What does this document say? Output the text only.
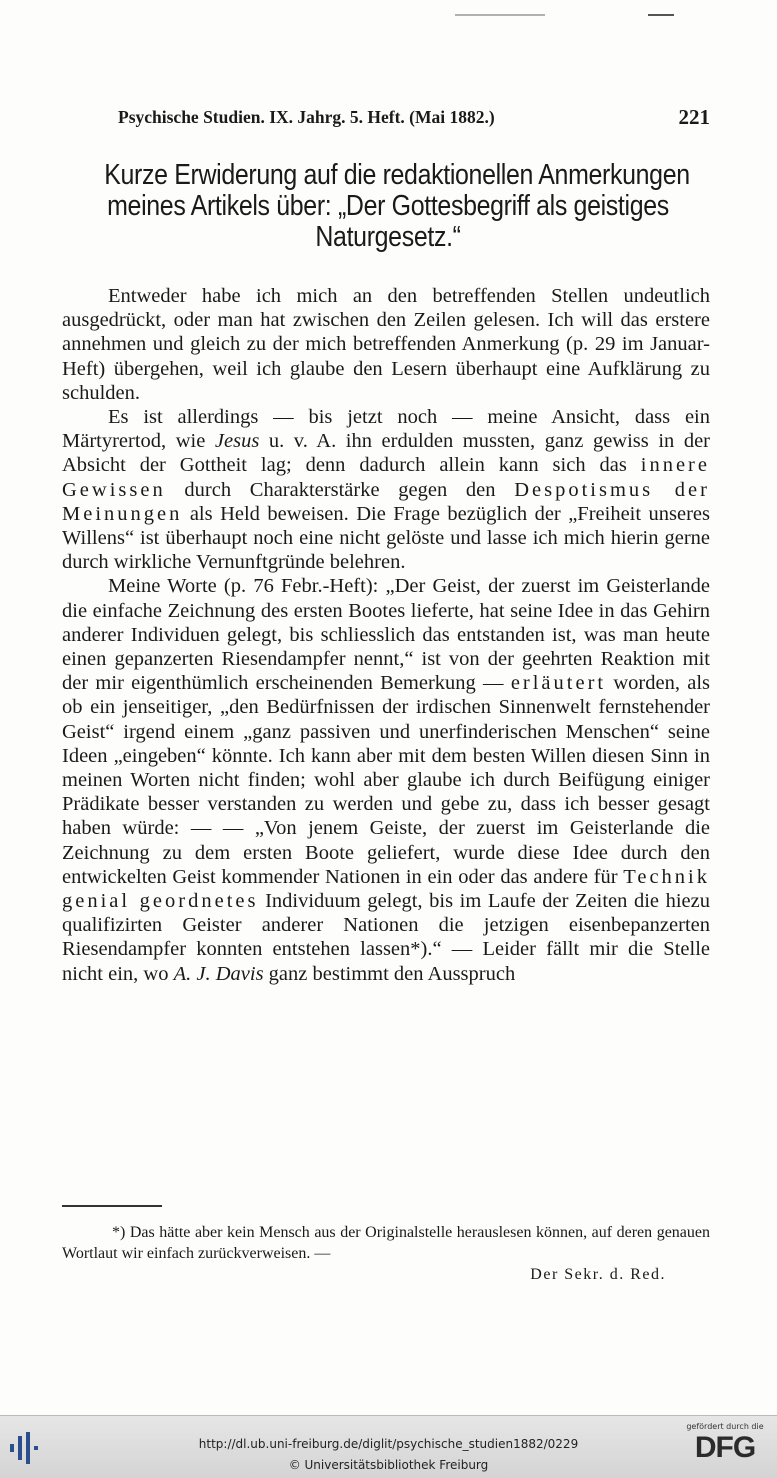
Psychische Studien. IX. Jahrg. 5. Heft. (Mai 1882.)	221
Kurze Erwiderung auf die redaktionellen Anmerkungen
meines Artikels über: „Der Gottesbegriff als geistiges
Naturgesetz.“

Entweder habe ich mich an den betreffenden Stellen undeutlich ausgedrückt, oder man hat zwischen den Zeilen gelesen. Ich will das erstere annehmen und gleich zu der mich betreffenden Anmerkung (p. 29 im Januar-Heft) übergehen, weil ich glaube den Lesern überhaupt eine Aufklärung zu schulden.

Es ist allerdings — bis jetzt noch — meine Ansicht, dass ein Märtyrertod, wie Jesus u. v. A. ihn erdulden mussten, ganz gewiss in der Absicht der Gottheit lag; denn dadurch allein kann sich das innere Gewissen durch Charakterstärke gegen den Despotismus der Meinungen als Held beweisen. Die Frage bezüglich der „Freiheit unseres Willens“ ist überhaupt noch eine nicht gelöste und lasse ich mich hierin gerne durch wirkliche Vernunftgründe belehren.

Meine Worte (p. 76 Febr.-Heft): „Der Geist, der zuerst im Geisterlande die einfache Zeichnung des ersten Bootes lieferte, hat seine Idee in das Gehirn anderer Individuen gelegt, bis schliesslich das entstanden ist, was man heute einen gepanzerten Riesendampfer nennt,“ ist von der geehrten Reaktion mit der mir eigenthümlich erscheinenden Bemerkung — erläutert worden, als ob ein jenseitiger, „den Bedürfnissen der irdischen Sinnenwelt fernstehender Geist“ irgend einem „ganz passiven und unerfinderischen Menschen“ seine Ideen „eingeben“ könnte. Ich kann aber mit dem besten Willen diesen Sinn in meinen Worten nicht finden; wohl aber glaube ich durch Beifügung einiger Prädikate besser verstanden zu werden und gebe zu, dass ich besser gesagt haben würde: — — „Von jenem Geiste, der zuerst im Geisterlande die Zeichnung zu dem ersten Boote geliefert, wurde diese Idee durch den entwickelten Geist kommender Nationen in ein oder das andere für Technik genial geordnetes Individuum gelegt, bis im Laufe der Zeiten die hiezu qualifizirten Geister anderer Nationen die jetzigen eisenbepanzerten Riesendampfer konnten entstehen lassen*).“ — Leider fällt mir die Stelle nicht ein, wo A. J. Davis ganz bestimmt den Ausspruch

*) Das hätte aber kein Mensch aus der Originalstelle herauslesen können, auf deren genauen Wortlaut wir einfach zurückverweisen. —

Der Sekr. d. Red.

http://dl.ub.uni-freiburg.de/diglit/psychische_studien1882/0229
© Universitätsbibliothek Freiburg
gefördert durch die
DFG
